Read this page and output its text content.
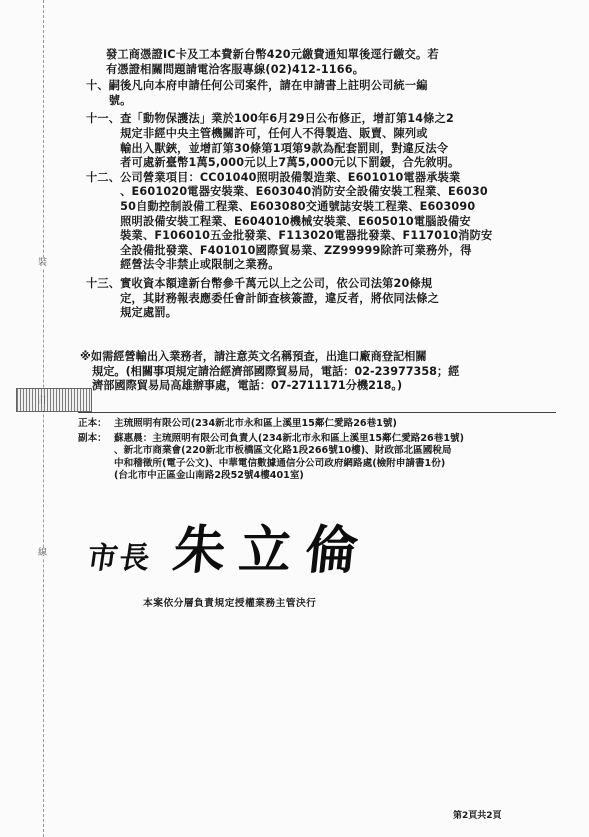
裝
線
發工商憑證IC卡及工本費新台幣420元繳費通知單後逕行繳交。若
有憑證相關問題請電洽客服專線(02)412-1166。
十、 嗣後凡向本府申請任何公司案件，請在申請書上註明公司統一編
號。
十一、 查「動物保護法」業於100年6月29日公布修正，增訂第14條之2
規定非經中央主管機關許可，任何人不得製造、販賣、陳列或
輸出入獸鋏，並增訂第30條第1項第9款為配套罰則，對違反法令
者可處新臺幣1萬5,000元以上7萬5,000元以下罰鍰，合先敘明。
十二、 公司營業項目：CC01040照明設備製造業、E601010電器承裝業
、E601020電器安裝業、E603040消防安全設備安裝工程業、E6030
50自動控制設備工程業、E603080交通號誌安裝工程業、E603090
照明設備安裝工程業、E604010機械安裝業、E605010電腦設備安
裝業、F106010五金批發業、F113020電器批發業、F117010消防安
全設備批發業、F401010國際貿易業、ZZ99999除許可業務外，得
經營法令非禁止或限制之業務。
十三、 實收資本額達新台幣參千萬元以上之公司，依公司法第20條規
定，其財務報表應委任會計師查核簽證，違反者，將依同法條之
規定處罰。
※如需經營輸出入業務者，請注意英文名稱預查，出進口廠商登記相關
規定。(相關事項規定請洽經濟部國際貿易局，電話：02-23977358；經
濟部國際貿易局高雄辦事處，電話：07-2711171分機218。)
正本： 主琉照明有限公司(234新北市永和區上溪里15鄰仁愛路26巷1號)
副本： 蘇惠晨：主琉照明有限公司負責人(234新北市永和區上溪里15鄰仁愛路26巷1號)
、新北市商業會(220新北市板橋區文化路1段266號10樓)、財政部北區國稅局
中和稽徵所(電子公文)、中華電信數據通信分公司政府網路處(檢附申請書1份)
(台北市中正區金山南路2段52號4樓401室)
市長 朱立倫
本案依分層負責規定授權業務主管決行
第2頁共2頁
